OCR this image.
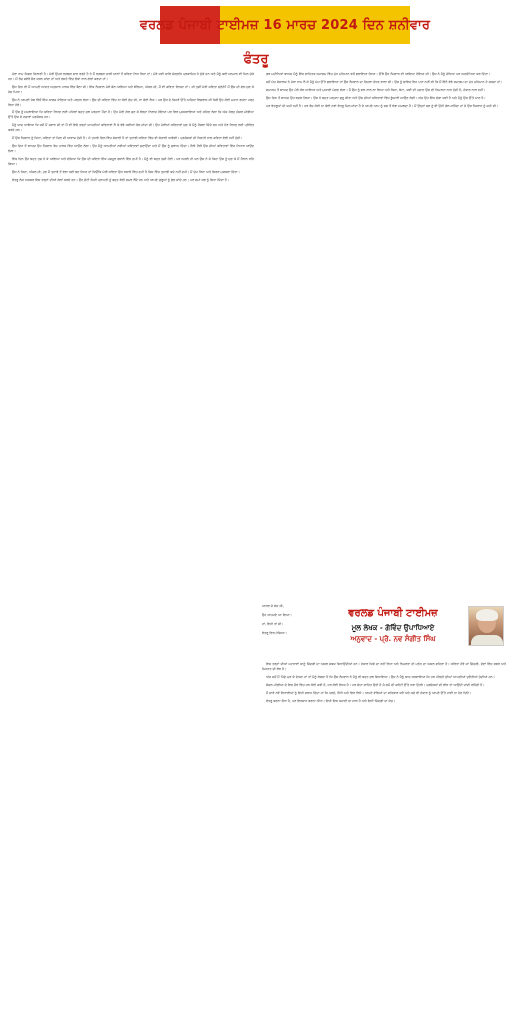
ਵਰਲਡ ਪੰਜਾਬੀ ਟਾਈਮਜ਼ 16 ਮਾਰਚ 2024 ਦਿਨ ਸ਼ਨੀਵਾਰ
ਫੰਤਰੂ

ਮੇਰਾ ਨਾਮ ਕਿਸ਼ਨ ਜਿਲਾਣੀ ਹੈ। ਮੇਰੀ ਉਮਰ ਲਗਭਗ ਸਾਠ ਵਰ੍ਹੇ ਹੈ ਤੇ ਮੈਂ ਲਗਭਗ ਚਾਲੀ ਸਾਲਾਂ ਤੋਂ ਕਵਿਤਾ ਲਿਖ ਰਿਹਾ ਹਾਂ। ਮੇਰੇ ਕਈ ਕਾਵਿ ਸੰਗ੍ਰਹਿ ਪ੍ਰਕਾਸ਼ਿਤ ਹੋ ਚੁੱਕੇ ਹਨ ਅਤੇ ਮੈਨੂੰ ਕਈ ਸਨਮਾਨ ਵੀ ਮਿਲ ਚੁੱਕੇ ਹਨ। ਮੈਂ ਰੋਜ਼ ਸਵੇਰੇ ਸੈਰ ਕਰਨ ਜਾਂਦਾ ਹਾਂ ਅਤੇ ਰਸਤੇ ਵਿੱਚ ਲੋਕਾਂ ਨਾਲ ਗੱਲਾਂ ਕਰਦਾ ਹਾਂ।

ਉਸ ਦਿਨ ਵੀ ਮੈਂ ਆਪਣੀ ਆਦਤ ਅਨੁਸਾਰ ਪਾਰਕ ਵਿੱਚ ਬੈਠਾ ਸੀ। ਇੱਕ ਨੌਜਵਾਨ ਮੇਰੇ ਕੋਲ ਆਇਆ ਅਤੇ ਬੋਲਿਆ, ਅੰਕਲ ਜੀ, ਮੈਂ ਵੀ ਕਵਿਤਾ ਲਿਖਦਾ ਹਾਂ। ਕੀ ਤੁਸੀਂ ਮੇਰੀ ਕਵਿਤਾ ਸੁਣੋਗੇ? ਮੈਂ ਉਸ ਦੀ ਗੱਲ ਸੁਣ ਕੇ ਹੱਸ ਪਿਆ।

ਉਸ ਨੇ ਆਪਣੀ ਜੇਬ ਵਿੱਚੋਂ ਇੱਕ ਕਾਗਜ਼ ਕੱਢਿਆ ਅਤੇ ਪੜ੍ਹਨ ਲੱਗਾ। ਉਸ ਦੀ ਕਵਿਤਾ ਵਿੱਚ ਨਾ ਕੋਈ ਛੰਦ ਸੀ, ਨਾ ਕੋਈ ਲੈਅ। ਪਰ ਉਸ ਦੇ ਚਿਹਰੇ ਉੱਤੇ ਅਜਿਹਾ ਵਿਸ਼ਵਾਸ ਸੀ ਜਿਵੇਂ ਉਹ ਕੋਈ ਮਹਾਨ ਰਚਨਾ ਪੜ੍ਹ ਰਿਹਾ ਹੋਵੇ।

ਮੈਂ ਉਸ ਨੂੰ ਸਮਝਾਇਆ ਕਿ ਕਵਿਤਾ ਲਿਖਣ ਲਈ ਪਹਿਲਾਂ ਬਹੁਤ ਕੁਝ ਪੜ੍ਹਨਾ ਪੈਂਦਾ ਹੈ। ਉਹ ਮੇਰੀ ਗੱਲ ਸੁਣ ਕੇ ਥੋੜ੍ਹਾ ਨਿਰਾਸ਼ ਹੋਇਆ ਪਰ ਫਿਰ ਮੁਸਕਰਾਇਆ ਅਤੇ ਕਹਿਣ ਲੱਗਾ ਕਿ ਅੱਜ ਕੱਲ੍ਹ ਸੋਸ਼ਲ ਮੀਡੀਆ ਉੱਤੇ ਉਸ ਦੇ ਹਜ਼ਾਰਾਂ ਪ੍ਰਸ਼ੰਸਕ ਹਨ।

ਮੈਨੂੰ ਯਾਦ ਆਇਆ ਕਿ ਜਦੋਂ ਮੈਂ ਜਵਾਨ ਸੀ ਤਾਂ ਮੈਂ ਵੀ ਇਸੇ ਤਰ੍ਹਾਂ ਆਪਣੀਆਂ ਕਵਿਤਾਵਾਂ ਲੈ ਕੇ ਵੱਡੇ ਕਵੀਆਂ ਕੋਲ ਜਾਂਦਾ ਸੀ। ਉਹ ਮੇਰੀਆਂ ਕਵਿਤਾਵਾਂ ਸੁਣ ਕੇ ਮੈਨੂੰ ਹੌਸਲਾ ਦਿੰਦੇ ਸਨ ਅਤੇ ਹੋਰ ਲਿਖਣ ਲਈ ਪ੍ਰੇਰਿਤ ਕਰਦੇ ਸਨ।

ਮੈਂ ਉਸ ਨੌਜਵਾਨ ਨੂੰ ਕਿਹਾ, ਕਵਿਤਾ ਤਾਂ ਦਿਲ ਦੀ ਆਵਾਜ਼ ਹੁੰਦੀ ਹੈ। ਜੇ ਤੁਹਾਡੇ ਦਿਲ ਵਿੱਚ ਸੱਚਾਈ ਹੈ ਤਾਂ ਤੁਹਾਡੀ ਕਵਿਤਾ ਵਿੱਚ ਵੀ ਸੱਚਾਈ ਆਵੇਗੀ। ਪ੍ਰਸ਼ੰਸਕਾਂ ਦੀ ਗਿਣਤੀ ਨਾਲ ਕਵਿਤਾ ਵੱਡੀ ਨਹੀਂ ਹੁੰਦੀ।

ਉਸ ਦਿਨ ਤੋਂ ਬਾਅਦ ਉਹ ਨੌਜਵਾਨ ਰੋਜ਼ ਪਾਰਕ ਵਿੱਚ ਆਉਣ ਲੱਗਾ। ਉਹ ਮੈਨੂੰ ਆਪਣੀਆਂ ਨਵੀਆਂ ਕਵਿਤਾਵਾਂ ਸੁਣਾਉਂਦਾ ਅਤੇ ਮੈਂ ਉਸ ਨੂੰ ਸੁਝਾਅ ਦਿੰਦਾ। ਹੌਲੀ ਹੌਲੀ ਉਸ ਦੀਆਂ ਕਵਿਤਾਵਾਂ ਵਿੱਚ ਨਿਖਾਰ ਆਉਣ ਲੱਗਾ।

ਇੱਕ ਦਿਨ ਉਹ ਬਹੁਤ ਖੁਸ਼ ਹੋ ਕੇ ਆਇਆ ਅਤੇ ਦੱਸਿਆ ਕਿ ਉਸ ਦੀ ਕਵਿਤਾ ਇੱਕ ਮਸ਼ਹੂਰ ਰਸਾਲੇ ਵਿੱਚ ਛਪੀ ਹੈ। ਮੈਨੂੰ ਵੀ ਬਹੁਤ ਖੁਸ਼ੀ ਹੋਈ। ਪਰ ਅਗਲੇ ਹੀ ਪਲ ਉਸ ਨੇ ਜੋ ਕਿਹਾ ਉਸ ਨੂੰ ਸੁਣ ਕੇ ਮੈਂ ਹੈਰਾਨ ਰਹਿ ਗਿਆ।

ਉਸ ਨੇ ਕਿਹਾ, ਅੰਕਲ ਜੀ, ਹੁਣ ਮੈਂ ਤੁਹਾਡੇ ਤੋਂ ਵੱਡਾ ਕਵੀ ਬਣ ਗਿਆ ਹਾਂ ਕਿਉਂਕਿ ਮੇਰੀ ਕਵਿਤਾ ਉਸ ਰਸਾਲੇ ਵਿੱਚ ਛਪੀ ਹੈ ਜਿਸ ਵਿੱਚ ਤੁਹਾਡੀ ਕਦੇ ਨਹੀਂ ਛਪੀ। ਮੈਂ ਚੁੱਪ ਰਿਹਾ ਅਤੇ ਸਿਰਫ਼ ਮੁਸਕਰਾ ਦਿੱਤਾ।

ਫੰਤਰੂ ਲੋਕ ਅਕਸਰ ਇਸ ਤਰ੍ਹਾਂ ਦੀਆਂ ਗੱਲਾਂ ਕਰਦੇ ਹਨ। ਉਹ ਛੋਟੀ ਜਿਹੀ ਪ੍ਰਾਪਤੀ ਨੂੰ ਬਹੁਤ ਵੱਡੀ ਸਮਝ ਲੈਂਦੇ ਹਨ ਅਤੇ ਆਪਣੇ ਗੁਰੂਆਂ ਨੂੰ ਭੁੱਲ ਜਾਂਦੇ ਹਨ। ਪਰ ਸਮਾਂ ਸਭ ਨੂੰ ਸਿਖਾ ਦਿੰਦਾ ਹੈ।

ਕੁਝ ਮਹੀਨਿਆਂ ਬਾਅਦ ਮੈਨੂੰ ਇੱਕ ਸਾਹਿਤਕ ਸਮਾਗਮ ਵਿੱਚ ਮੁੱਖ ਮਹਿਮਾਨ ਵਜੋਂ ਬੁਲਾਇਆ ਗਿਆ। ਉੱਥੇ ਉਹ ਨੌਜਵਾਨ ਵੀ ਆਇਆ ਹੋਇਆ ਸੀ। ਉਸ ਨੇ ਮੈਨੂੰ ਦੇਖਿਆ ਪਰ ਅਣਦੇਖਿਆ ਕਰ ਦਿੱਤਾ।

ਜਦੋਂ ਮੰਚ ਸੰਚਾਲਕ ਨੇ ਮੇਰਾ ਨਾਮ ਲੈ ਕੇ ਮੈਨੂੰ ਮੰਚ ਉੱਤੇ ਬੁਲਾਇਆ ਤਾਂ ਉਸ ਨੌਜਵਾਨ ਦਾ ਚਿਹਰਾ ਦੇਖਣ ਵਾਲਾ ਸੀ। ਉਸ ਨੂੰ ਸ਼ਾਇਦ ਇਹ ਪਤਾ ਨਹੀਂ ਸੀ ਕਿ ਮੈਂ ਇੰਨੇ ਵੱਡੇ ਸਮਾਗਮ ਦਾ ਮੁੱਖ ਮਹਿਮਾਨ ਹੋ ਸਕਦਾ ਹਾਂ।

ਸਮਾਗਮ ਤੋਂ ਬਾਅਦ ਉਹ ਮੇਰੇ ਕੋਲ ਆਇਆ ਅਤੇ ਮੁਆਫ਼ੀ ਮੰਗਣ ਲੱਗਾ। ਮੈਂ ਉਸ ਨੂੰ ਗਲ ਨਾਲ ਲਾ ਲਿਆ ਅਤੇ ਕਿਹਾ, ਬੇਟਾ, ਕਵੀ ਦੀ ਪਛਾਣ ਉਸ ਦੀ ਨਿਮਰਤਾ ਨਾਲ ਹੁੰਦੀ ਹੈ, ਹੰਕਾਰ ਨਾਲ ਨਹੀਂ।

ਉਸ ਦਿਨ ਤੋਂ ਬਾਅਦ ਉਹ ਬਦਲ ਗਿਆ। ਉਸ ਨੇ ਬਹੁਤ ਪੜ੍ਹਨਾ ਸ਼ੁਰੂ ਕੀਤਾ ਅਤੇ ਉਸ ਦੀਆਂ ਕਵਿਤਾਵਾਂ ਵਿੱਚ ਡੂੰਘਾਈ ਆਉਣ ਲੱਗੀ। ਅੱਜ ਉਹ ਇੱਕ ਚੰਗਾ ਕਵੀ ਹੈ ਅਤੇ ਮੈਨੂੰ ਉਸ ਉੱਤੇ ਮਾਣ ਹੈ।

ਪਰ ਫੰਤਰੂਆਂ ਦੀ ਕਮੀ ਨਹੀਂ ਹੈ। ਹਰ ਰੋਜ਼ ਕੋਈ ਨਾ ਕੋਈ ਨਵਾਂ ਫੰਤਰੂ ਮਿਲ ਜਾਂਦਾ ਹੈ ਜੋ ਆਪਣੇ ਆਪ ਨੂੰ ਸਭ ਤੋਂ ਵੱਡਾ ਸਮਝਦਾ ਹੈ। ਮੈਂ ਉਨ੍ਹਾਂ ਸਭ ਨੂੰ ਵੀ ਉਹੀ ਗੱਲ ਕਹਿੰਦਾ ਹਾਂ ਜੋ ਉਸ ਨੌਜਵਾਨ ਨੂੰ ਕਹੀ ਸੀ।

ਆਖ਼ਰ ਜੋ ਸੱਚ ਸੀ,
ਉਹ ਸਾਹਮਣੇ ਆ ਗਿਆ।
ਹਾਂ, ਇਹੀ ਤਾਂ ਸੀ।
ਫੰਤਰੂ ਫਿਰ ਹੱਸਿਆ।
ਵਰਲਡ ਪੰਜਾਬੀ ਟਾਈਮਜ਼
ਮੂਲ ਲੇਖਕ - ਗੋਵਿੰਦ ਉਪਾਧਿਆਏ
ਅਨੁਵਾਦ - ਪ੍ਰੋ. ਨਵ ਸੰਗੀਤ ਸਿੰਘ

ਇਸ ਤਰ੍ਹਾਂ ਦੀਆਂ ਘਟਨਾਵਾਂ ਸਾਨੂੰ ਜ਼ਿੰਦਗੀ ਦਾ ਅਸਲ ਸਬਕ ਸਿਖਾਉਂਦੀਆਂ ਹਨ। ਹੰਕਾਰ ਕਿਸੇ ਦਾ ਨਹੀਂ ਰਿਹਾ ਅਤੇ ਨਿਮਰਤਾ ਹੀ ਮਨੁੱਖ ਦਾ ਅਸਲ ਗਹਿਣਾ ਹੈ। ਕਵਿਤਾ ਹੋਵੇ ਜਾਂ ਜ਼ਿੰਦਗੀ, ਦੋਵਾਂ ਵਿੱਚ ਸਬਰ ਅਤੇ ਮਿਹਨਤ ਦੀ ਲੋੜ ਹੈ।

ਅੱਜ ਜਦੋਂ ਮੈਂ ਪਿੱਛੇ ਮੁੜ ਕੇ ਦੇਖਦਾ ਹਾਂ ਤਾਂ ਮੈਨੂੰ ਲੱਗਦਾ ਹੈ ਕਿ ਉਸ ਨੌਜਵਾਨ ਨੇ ਮੈਨੂੰ ਵੀ ਬਹੁਤ ਕੁਝ ਸਿਖਾਇਆ। ਉਸ ਨੇ ਮੈਨੂੰ ਯਾਦ ਕਰਵਾਇਆ ਕਿ ਹਰ ਪੀੜ੍ਹੀ ਦੀਆਂ ਆਪਣੀਆਂ ਚੁਣੌਤੀਆਂ ਹੁੰਦੀਆਂ ਹਨ।

ਸੋਸ਼ਲ ਮੀਡੀਆ ਦੇ ਇਸ ਦੌਰ ਵਿੱਚ ਹਰ ਕੋਈ ਕਵੀ ਹੈ, ਹਰ ਕੋਈ ਲੇਖਕ ਹੈ। ਪਰ ਸੱਚਾ ਸਾਹਿਤ ਉਹੀ ਹੈ ਜੋ ਸਮੇਂ ਦੀ ਕਸੌਟੀ ਉੱਤੇ ਖਰਾ ਉਤਰੇ। ਪ੍ਰਸ਼ੰਸਕਾਂ ਦੀ ਭੀੜ ਤਾਂ ਆਉਂਦੀ ਜਾਂਦੀ ਰਹਿੰਦੀ ਹੈ।

ਮੈਂ ਸਾਰੇ ਨਵੇਂ ਲਿਖਾਰੀਆਂ ਨੂੰ ਇਹੀ ਸਲਾਹ ਦਿੰਦਾ ਹਾਂ ਕਿ ਪੜ੍ਹੋ, ਸਿੱਖੋ ਅਤੇ ਫਿਰ ਲਿਖੋ। ਆਪਣੇ ਵੱਡਿਆਂ ਦਾ ਸਤਿਕਾਰ ਕਰੋ ਅਤੇ ਕਦੇ ਵੀ ਹੰਕਾਰ ਨੂੰ ਆਪਣੇ ਉੱਤੇ ਹਾਵੀ ਨਾ ਹੋਣ ਦਿਓ।

ਫੰਤਰੂ ਬਣਨਾ ਸੌਖਾ ਹੈ, ਪਰ ਇਨਸਾਨ ਬਣਨਾ ਔਖਾ। ਇਹੀ ਇਸ ਕਹਾਣੀ ਦਾ ਸਾਰ ਹੈ ਅਤੇ ਇਹੀ ਜ਼ਿੰਦਗੀ ਦਾ ਸੱਚ।
